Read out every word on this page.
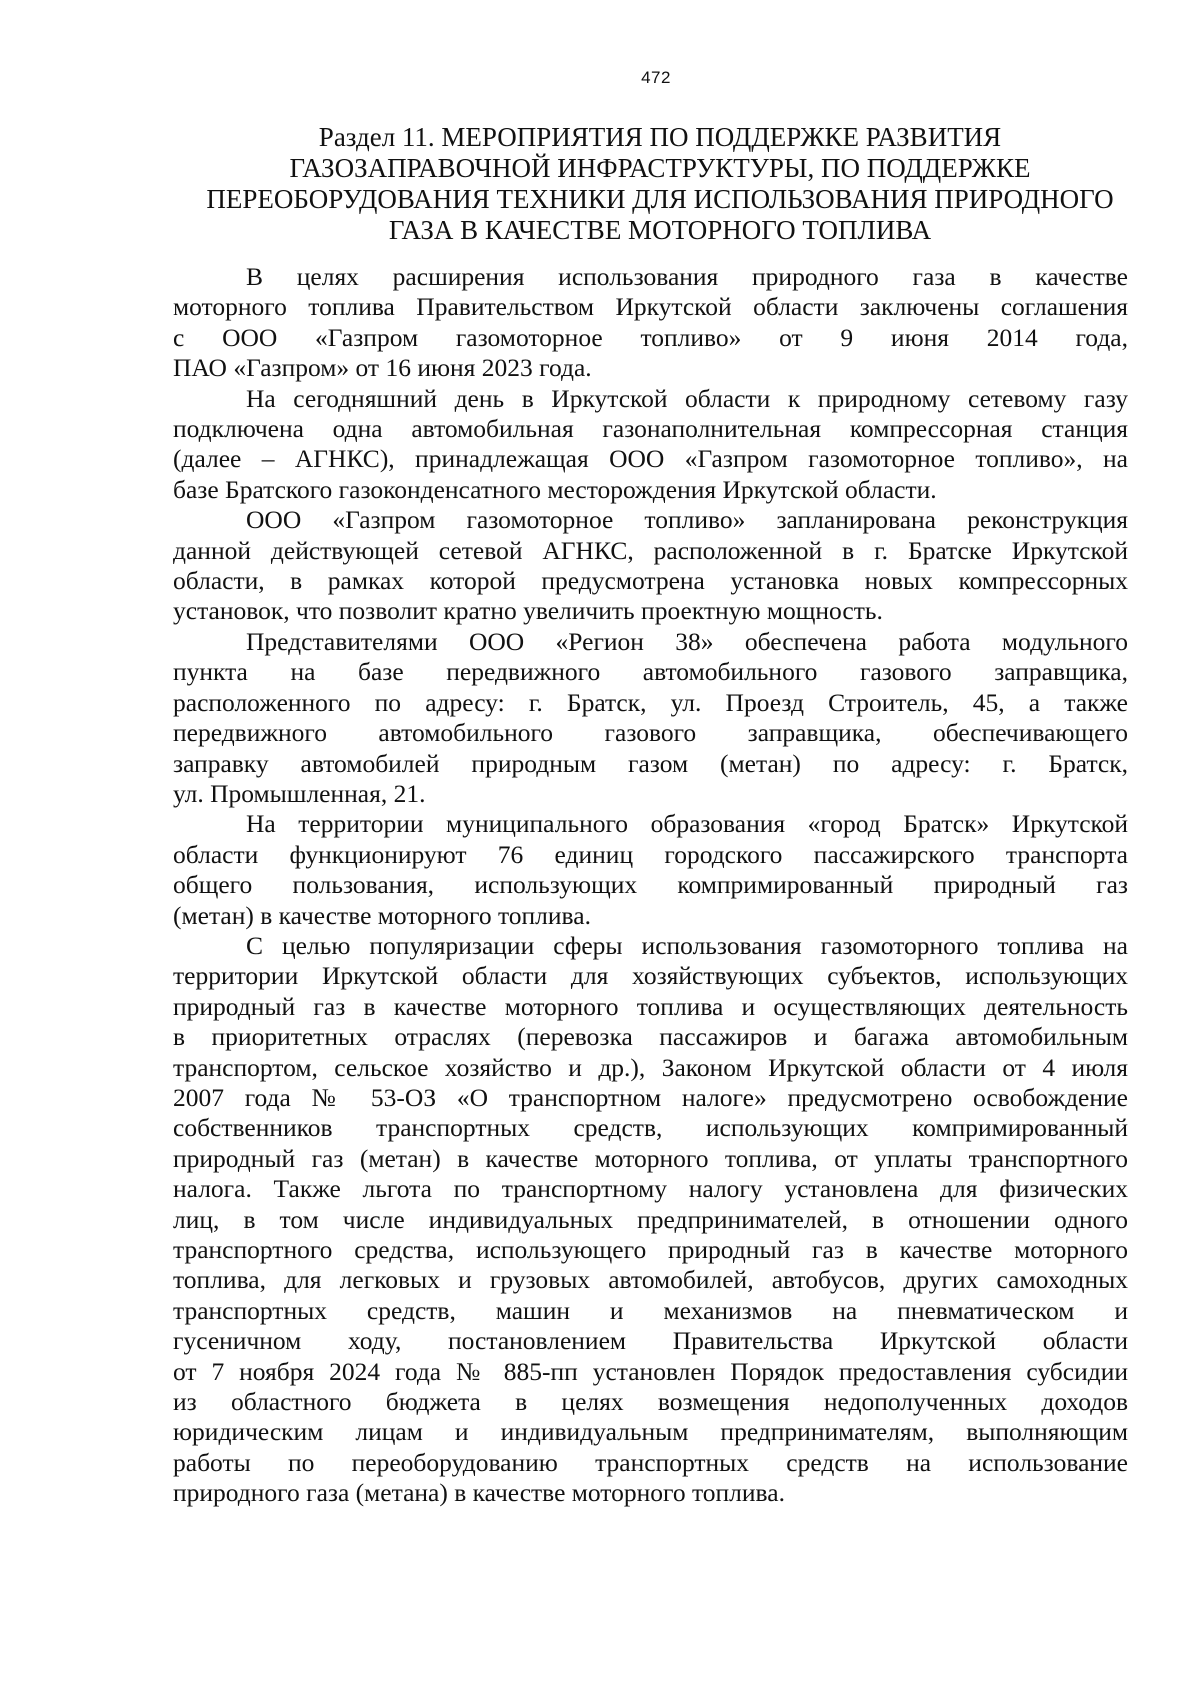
472
Раздел 11. МЕРОПРИЯТИЯ ПО ПОДДЕРЖКЕ РАЗВИТИЯ
ГАЗОЗАПРАВОЧНОЙ ИНФРАСТРУКТУРЫ, ПО ПОДДЕРЖКЕ
ПЕРЕОБОРУДОВАНИЯ ТЕХНИКИ ДЛЯ ИСПОЛЬЗОВАНИЯ ПРИРОДНОГО
ГАЗА В КАЧЕСТВЕ МОТОРНОГО ТОПЛИВА

В целях расширения использования природного газа в качестве
моторного топлива Правительством Иркутской области заключены соглашения
с ООО «Газпром газомоторное топливо» от 9 июня 2014 года,
ПАО «Газпром» от 16 июня 2023 года.

На сегодняшний день в Иркутской области к природному сетевому газу
подключена одна автомобильная газонаполнительная компрессорная станция
(далее – АГНКС), принадлежащая ООО «Газпром газомоторное топливо», на
базе Братского газоконденсатного месторождения Иркутской области.

ООО «Газпром газомоторное топливо» запланирована реконструкция
данной действующей сетевой АГНКС, расположенной в г. Братске Иркутской
области, в рамках которой предусмотрена установка новых компрессорных
установок, что позволит кратно увеличить проектную мощность.

Представителями ООО «Регион 38» обеспечена работа модульного
пункта на базе передвижного автомобильного газового заправщика,
расположенного по адресу: г. Братск, ул. Проезд Строитель, 45, а также
передвижного автомобильного газового заправщика, обеспечивающего
заправку автомобилей природным газом (метан) по адресу: г. Братск,
ул. Промышленная, 21.

На территории муниципального образования «город Братск» Иркутской
области функционируют 76 единиц городского пассажирского транспорта
общего пользования, использующих компримированный природный газ
(метан) в качестве моторного топлива.

С целью популяризации сферы использования газомоторного топлива на
территории Иркутской области для хозяйствующих субъектов, использующих
природный газ в качестве моторного топлива и осуществляющих деятельность
в приоритетных отраслях (перевозка пассажиров и багажа автомобильным
транспортом, сельское хозяйство и др.), Законом Иркутской области от 4 июля
2007 года № 53-ОЗ «О транспортном налоге» предусмотрено освобождение
собственников транспортных средств, использующих компримированный
природный газ (метан) в качестве моторного топлива, от уплаты транспортного
налога. Также льгота по транспортному налогу установлена для физических
лиц, в том числе индивидуальных предпринимателей, в отношении одного
транспортного средства, использующего природный газ в качестве моторного
топлива, для легковых и грузовых автомобилей, автобусов, других самоходных
транспортных средств, машин и механизмов на пневматическом и
гусеничном ходу, постановлением Правительства Иркутской области
от 7 ноября 2024 года № 885-пп установлен Порядок предоставления субсидии
из областного бюджета в целях возмещения недополученных доходов
юридическим лицам и индивидуальным предпринимателям, выполняющим
работы по переоборудованию транспортных средств на использование
природного газа (метана) в качестве моторного топлива.
